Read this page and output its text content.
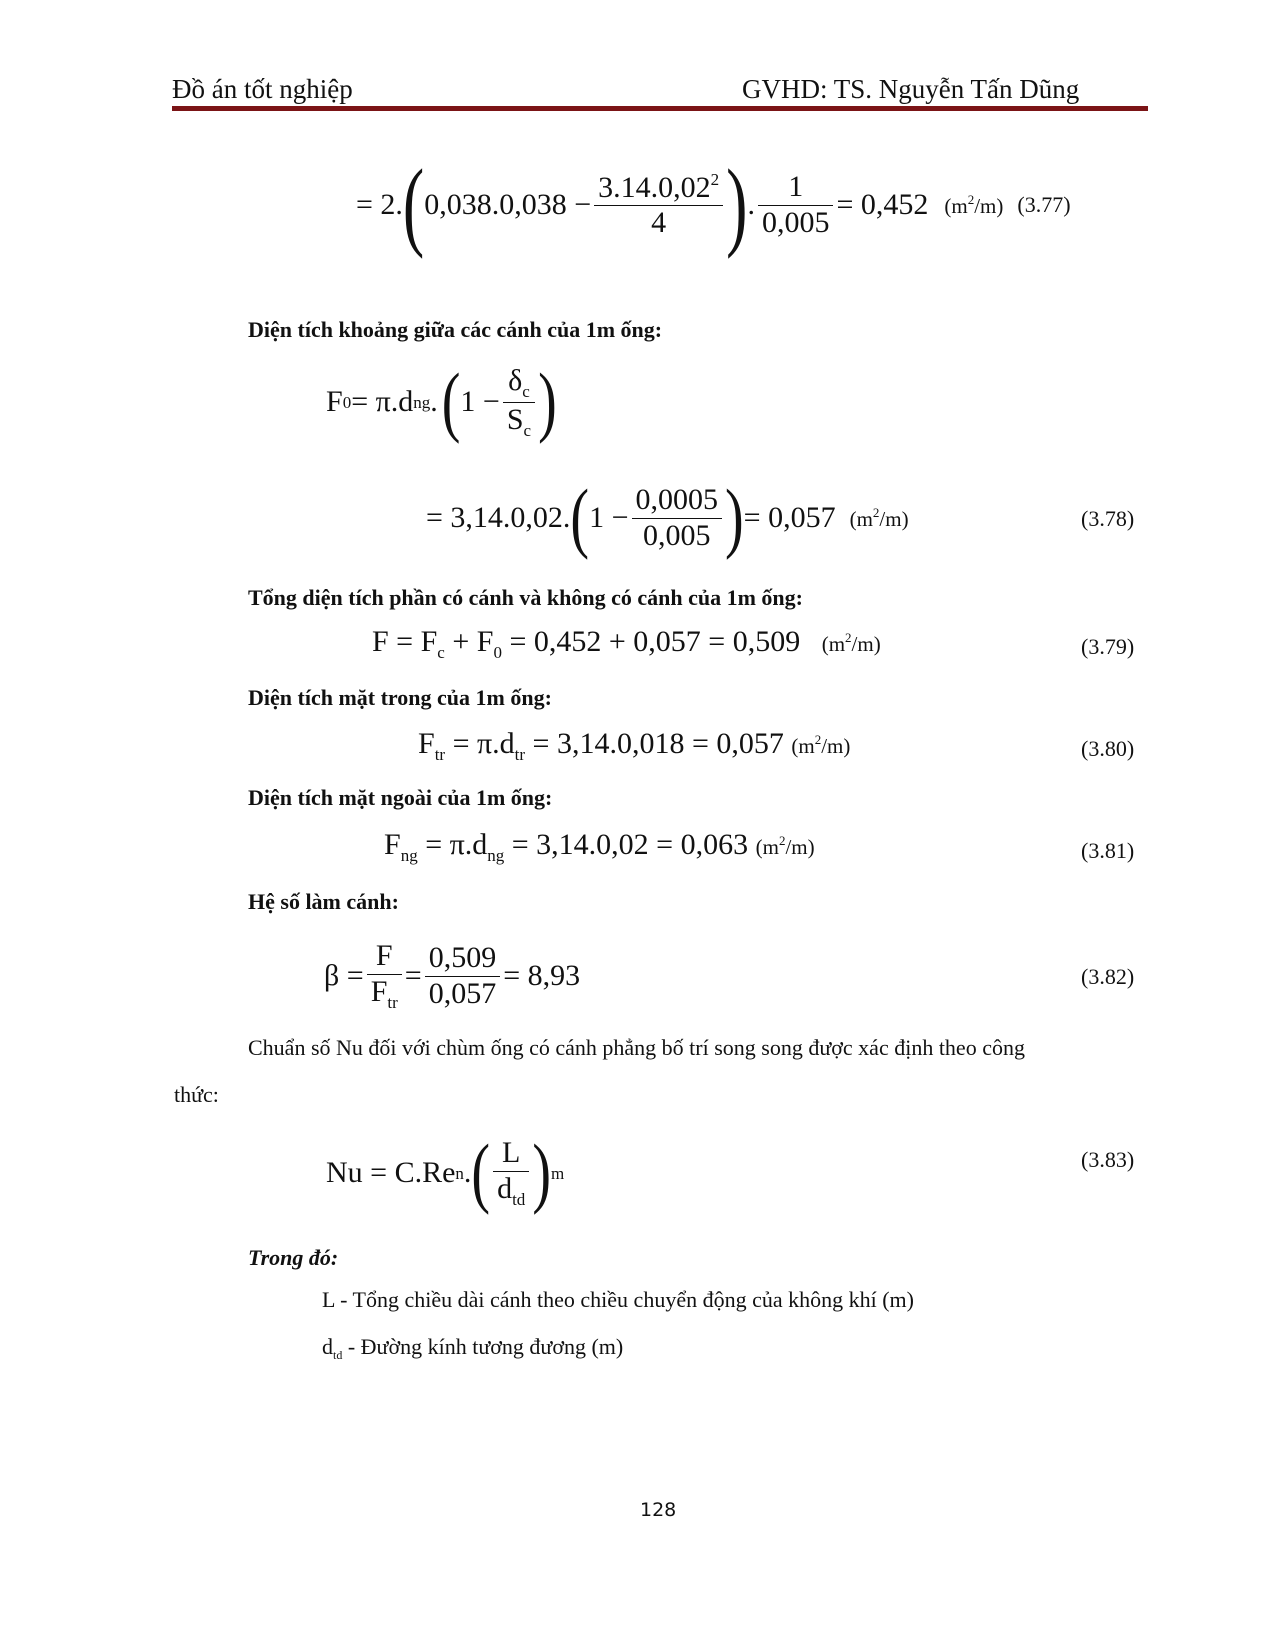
Đồ án tốt nghiệp	GVHD: TS. Nguyễn Tấn Dũng
= 2. ( $0,038.0,038 - \frac{3.14.0,02^2}{4}$ ) . $\frac{1}{0,005} = 0,452$ $(m^2/m)$ (3.77)
Diện tích khoảng giữa các cánh của 1m ống:
F 0 = π.d ng . ( $1 - \frac{\delta_c}{S_c}$ )
= 3,14.0,02. ( $1 - \frac{0,0005}{0,005}$ ) = 0,057 $(m^2/m)$	(3.78)
Tổng diện tích phần có cánh và không có cánh của 1m ống:
$F = F_c + F_0 = 0,452 + 0,057 = 0,509$ $(m^2/m)$	(3.79)
Diện tích mặt trong của 1m ống:
$F_{tr} = \pi.d_{tr} = 3,14.0,018 = 0,057$ $(m^2/m)$	(3.80)
Diện tích mặt ngoài của 1m ống:
$F_{ng} = \pi.d_{ng} = 3,14.0,02 = 0,063$ $(m^2/m)$	(3.81)
Hệ số làm cánh:
$\beta = \frac{F}{F_{tr}} = \frac{0,509}{0,057} = 8,93$	(3.82)
Chuẩn số Nu đối với chùm ống có cánh phẳng bố trí song song được xác định theo công
thức:
Nu = C.Re n . ( $\frac{L}{d_{td}}$ ) m
(3.83)
Trong đó:
L - Tổng chiều dài cánh theo chiều chuyển động của không khí (m)
$d_{td}$ - Đường kính tương đương (m)
128
